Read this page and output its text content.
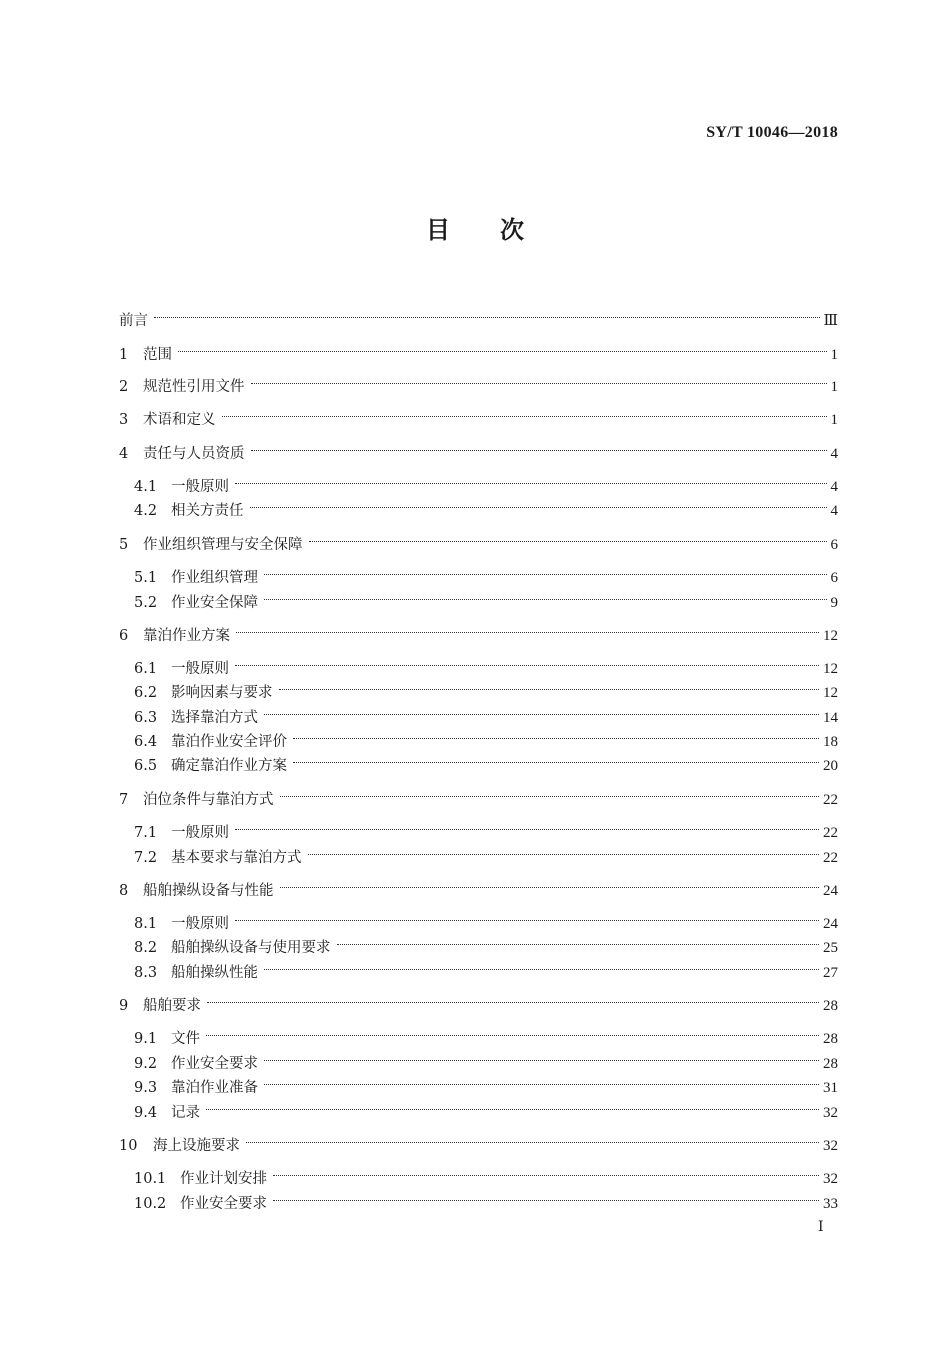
SY/T 10046—2018
目 次
前言	Ⅲ
1	范围	1
2	规范性引用文件	1
3	术语和定义	1
4	责任与人员资质	4
4.1 一般原则	4
4.2 相关方责任	4
5	作业组织管理与安全保障	6
5.1 作业组织管理	6
5.2 作业安全保障	9
6	靠泊作业方案	12
6.1 一般原则	12
6.2 影响因素与要求	12
6.3 选择靠泊方式	14
6.4 靠泊作业安全评价	18
6.5 确定靠泊作业方案	20
7	泊位条件与靠泊方式	22
7.1 一般原则	22
7.2 基本要求与靠泊方式	22
8	船舶操纵设备与性能	24
8.1 一般原则	24
8.2 船舶操纵设备与使用要求	25
8.3 船舶操纵性能	27
9	船舶要求	28
9.1 文件	28
9.2 作业安全要求	28
9.3 靠泊作业准备	31
9.4 记录	32
10	海上设施要求	32
10.1 作业计划安排	32
10.2 作业安全要求	33
Ⅰ
